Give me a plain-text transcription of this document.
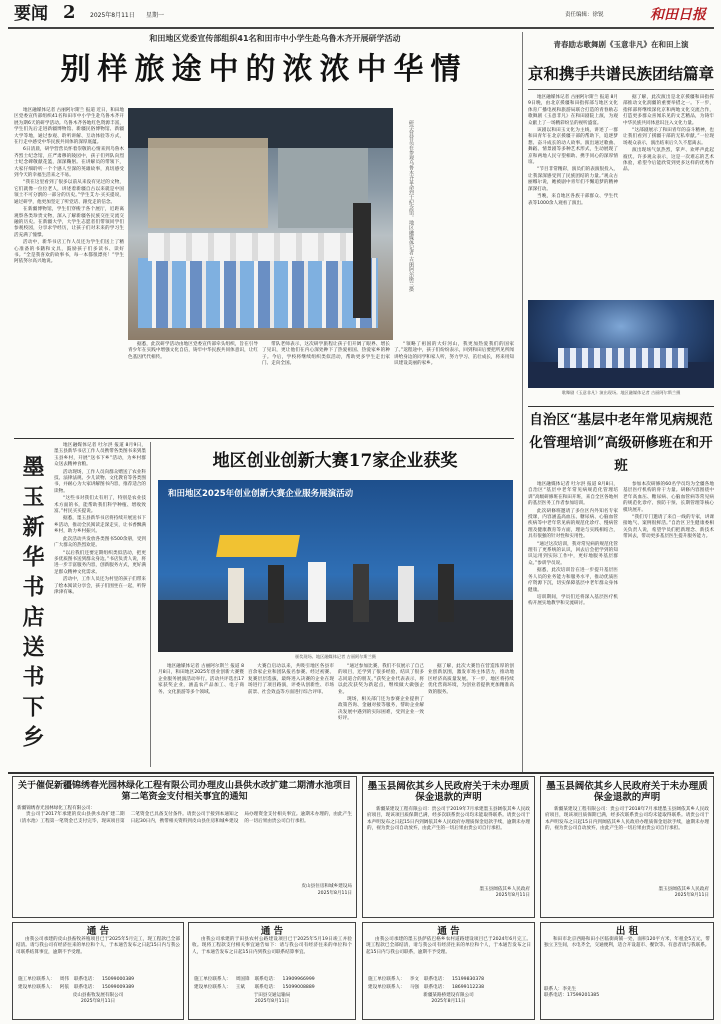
要闻 2 2025年8月11日 星期一	责任编辑：徐锐	和田日报
和田地区党委宣传部组织41名和田市中小学生赴乌鲁木齐开展研学活动
别样旅途中的浓浓中华情

地区融媒体记者 古丽阿尔斯兰 报道 近日，和田地区党委宣传部组织41名和田市中小学生赴乌鲁木齐开展为期6天的研学活动。乌鲁木齐各地红色资源丰富，学生们先后走进新疆博物馆、新疆民俗博物馆、新疆大学等地，通过参观、聆听讲解、互动体验等方式，在行走中感受中华民族共同体的深厚底蕴。

6日清晨，研学营营员怀着崇敬的心情来到乌鲁木齐烈士纪念馆，庄严肃穆的陵园中，孩子们列队向烈士纪念碑敬献花篮，深深鞠躬。在讲解员的带领下，大家仔细聆听一个个感人至深的英雄故事，真切感受到今天的幸福生活来之不易。

“我在这里看到了很多以前从来没有见过的文物，它们就像一位位老人，讲述着新疆自古以来就是中国领土不可分割的一部分的历史。”学生艾力·买买提说，通过研学，他更加坚定了听党话、跟党走的信念。

在新疆博物馆，学生们穿梭于各个展厅，近距离观察各类珍贵文物，深入了解新疆各民族交往交流交融的历史。在新疆大学，大学生志愿者们带领同学们参观校园，分享求学经历，让孩子们对未来的学习生活充满了憧憬。

活动中，新华书店工作人员还为学生们送上了精心准备的书籍和文具，鼓励孩子们多读书、读好书。“全是我喜欢的故事书，每一本都很漂亮！”学生阿依努尔高兴地说。	研学营营员在参观乌鲁木齐革命烈士纪念馆。地区融媒体记者 古丽阿尔斯兰摄

据悉，此次研学活动由地区党委宣传部牵头组织，旨在引导青少年在实践中增强文化自信，铸牢中华民族共同体意识，让红色基因代代相传。

带队老师表示，这次研学旅程让孩子们开阔了眼界、增长了见识，更让他们在内心深处种下了热爱祖国、热爱家乡的种子。今后，学校将继续组织类似活动，帮助更多学生走出家门、走向全国。

“领略了祖国的大好河山，我更加热爱我们的国家了。”返程途中，孩子们纷纷表示，回到和田后要把所见所闻讲给身边的同学和家人听，努力学习、茁壮成长，将来用知识建设美丽的家乡。

青春励志歌舞剧《玉意非凡》在和田上演
京和携手共谱民族团结篇章

地区融媒体记者 古丽阿尔斯兰 报道 8月9日晚，由北京援疆和田指挥部与地区文化体育广播电视和旅游局联合打造的青春励志歌舞剧《玉意非凡》在和田剧院上演，为观众献上了一场精彩纷呈的视听盛宴。

该剧以和田玉文化为主线，讲述了一群和田青年在北京援疆干部的帮助下，追逐梦想、奋斗成长的动人故事。演出通过歌曲、舞蹈、情景剧等多种艺术形式，生动展现了京和两地人民守望相助、携手同心的深厚情谊。

“节目非常精彩，演员们的表演很投入，让我深深感受到了民族团结的力量。”观众古丽娜尔说，她被剧中青年们不懈追梦的精神深深打动。

当晚，来自地区各族干部群众、学生代表等1000余人观看了演出。

据了解，此次演出是北京援疆和田指挥部推动文化润疆的重要举措之一。下一步，指挥部将继续深化京和两地文化交流合作，打造更多群众喜闻乐见的文艺精品，为铸牢中华民族共同体意识注入文化力量。

“这部剧展示了和田青年的奋斗精神，也让我们看到了援疆干部的无私奉献。”一位现场观众表示，演出结束后久久不愿离去。

演出现场气氛热烈，掌声、欢呼声此起彼伏。许多观众表示，这是一次难忘的艺术体验，希望今后能欣赏到更多这样的优秀作品。

歌舞剧《玉意非凡》演出现场。地区融媒体记者 古丽阿尔斯兰摄
自治区“基层中老年常见病规范化管理培训”高级研修班在和开班

地区融媒体记者 吐尔洪 报道 8月8日，自治区“基层中老年常见病规范化管理培训”高级研修班在和田开班，来自全区各地州的基层医务工作者参加培训。

此次研修班邀请了多位区内外知名专家授课，内容涵盖高血压、糖尿病、心脑血管疾病等中老年常见病的规范化诊疗、慢病管理及健康教育等方面，理论与实践相结合，具有很强的针对性和实用性。

“通过这次培训，我对常见病的规范化管理有了更系统的认识，回去后会把学到的知识运用到实际工作中，更好地服务基层群众。”参训学员说。

据悉，此次培训旨在进一步提升基层医务人员的业务能力和服务水平，推动优质医疗资源下沉，切实保障基层中老年群众身体健康。

培训期间，学员们还将深入基层医疗机构开展实地教学和交流研讨。

参加本次研修的60名学员均为全疆各地基层医疗机构的骨干力量。研修内容围绕中老年高血压、糖尿病、心脑血管病等常见病的规范化诊疗、预防干预、长期管理等核心模块展开。

“我们专门邀请了来自一线的专家，讲课接地气、案例很鲜活。”自治区卫生健康委相关负责人说，希望学员们把新理念、新技术带回去，带动更多基层医生提升服务能力。

墨玉新华书店送书下乡

地区融媒体记者 吐尔洪 报道 8月9日，墨玉县新华书店工作人员携带各类图书来到墨玉县乡村，开展“送书下乡”活动，为乡村群众送去精神食粮。

活动现场，工作人员向群众赠送了农业科技、法律法规、少儿读物、文化教育等各类图书，并耐心为大家讲解图书内容，推荐适合的读物。

“这些书对我们太有用了，特别是农业技术方面的书，能帮助我们科学种植、增收致富。”村民买买提说。

据悉，墨玉县新华书店将持续开展送书下乡活动，推动全民阅读走深走实，让书香飘满乡村，助力乡村振兴。

此次活动共发放各类图书500余册，受到广大群众的热烈欢迎。

“以后我们还要定期组织类似活动，把更多优质图书送到群众身边。”书店负责人说，将进一步丰富服务内容，创新服务方式，更好满足群众精神文化需求。

活动中，工作人员还为村里的孩子们带来了绘本阅读分享会，孩子们围坐在一起，听得津津有味。

地区创业创新大赛17家企业获奖
和田地区2025年创业创新大赛企业服务展演活动
颁奖现场。地区融媒体记者 古丽阿尔斯兰摄

地区融媒体记者 古丽阿尔斯兰 报道 8月8日，和田地区2025年创业创新大赛暨企业服务展演活动举行。活动共评选出17家获奖企业，涵盖农产品加工、电子商务、文化旅游等多个领域。

大赛自启动以来，共吸引地区各县市百余家企业和团队报名参赛。经过初赛、复赛层层选拔，最终进入决赛的企业在现场进行了项目路演，评委从创新性、市场前景、社会效益等方面进行综合评审。

“通过参加比赛，我们不仅展示了自己的项目，还学到了很多经验，结识了很多志同道合的朋友。”获奖企业代表表示，将以此次获奖为新起点，继续做大做强企业。

现场，相关部门还为参赛企业提供了政策咨询、金融对接等服务，帮助企业解决发展中遇到的实际困难，受到企业一致好评。

据了解，此次大赛旨在营造浓厚的创业创新氛围，激发市场主体活力，推动地区经济高质量发展。下一步，地区将持续优化营商环境，为创业者提供更加精准高效的服务。

关于催促新疆锦绣春光园林绿化工程有限公司办理皮山县供水改扩建二期清水池项目第二笔资金支付相关事宜的通知
新疆锦绣春光园林绿化工程有限公司：
贵公司于2017年承建的皮山县供水改扩建二期（清水池）工程第一笔资金已支付完毕，现该项目第二笔资金已具备支付条件。请贵公司于接到本通知之日起30日内，携带相关资料到皮山县住房和城乡建设局办理资金支付相关事宜。逾期未办理的，由此产生的一切后果由贵公司自行承担。
皮山县住房和城乡建设局
2025年8月11日
墨玉县阔依其乡人民政府关于未办理质保金退款的声明
新疆某建设工程有限公司：贵公司于2019年7月承建墨玉县阔依其乡人民政府项目，现该项目质保期已满，经多次联系贵公司均未能取得联系。请贵公司于本声明发布之日起15日内到阔依其乡人民政府办理质保金退款手续，逾期未办理的，视为贵公司自动放弃，由此产生的一切后果由贵公司自行承担。
墨玉县阔依其乡人民政府
2025年8月11日
墨玉县阔依其乡人民政府关于未办理质保金退款的声明
新疆某建设工程有限公司：贵公司于2018年7月承建墨玉县阔依其乡人民政府项目，现该项目质保期已满，经多次联系贵公司均未能取得联系。请贵公司于本声明发布之日起15日内到阔依其乡人民政府办理质保金退款手续，逾期未办理的，视为贵公司自动放弃，由此产生的一切后果由贵公司自行承担。
墨玉县阔依其乡人民政府
2025年8月11日
通 告
由我公司承建的皮山县畜牧养殖项目已于2025年5月完工，现工程款已全部结清。请与我公司有经济往来的单位和个人，于本通告发布之日起15日内与我公司联系结算事宜，逾期不予受理。
施工单位联系人：	周伟	联系电话：	15099000389
建设单位联系人：	阿依	联系电话：	15099009389
皮山县畜牧发展有限公司
2025年8月11日
通 告
由我公司承建的于田县农村公路建设项目已于2025年5月19日竣工并验收。现将工程款支付相关事宜通告如下：请与我公司有经济往来的单位和个人，于本通告发布之日起15日内到我公司联系结算事宜。
施工单位联系人：	周国锋	联系电话：	13909966999
建设单位联系人：	王斌	联系电话：	15099008889
于田县交通运输局
2025年8月11日
通 告
由我公司承建的墨玉县萨依巴格乡农村道路建设项目已于2024年6月完工。现工程款已全部结清，请与我公司有经济往来的单位和个人，于本通告发布之日起15日内与我公司联系，逾期不予受理。
施工单位联系人：	李文	联系电话：	15199830378
建设单位联系人：	马强	联系电话：	18699112238
新疆某路桥建设有限公司
2025年8月11日
出 租
和田市北京西路和田小区临街商铺一处，面积120平方米，年租金5万元，带独立卫生间，水电齐全，交通便利，适合开设超市、餐饮等。有意者请与我联系。
联系人：李先生
联系电话：17599201385
